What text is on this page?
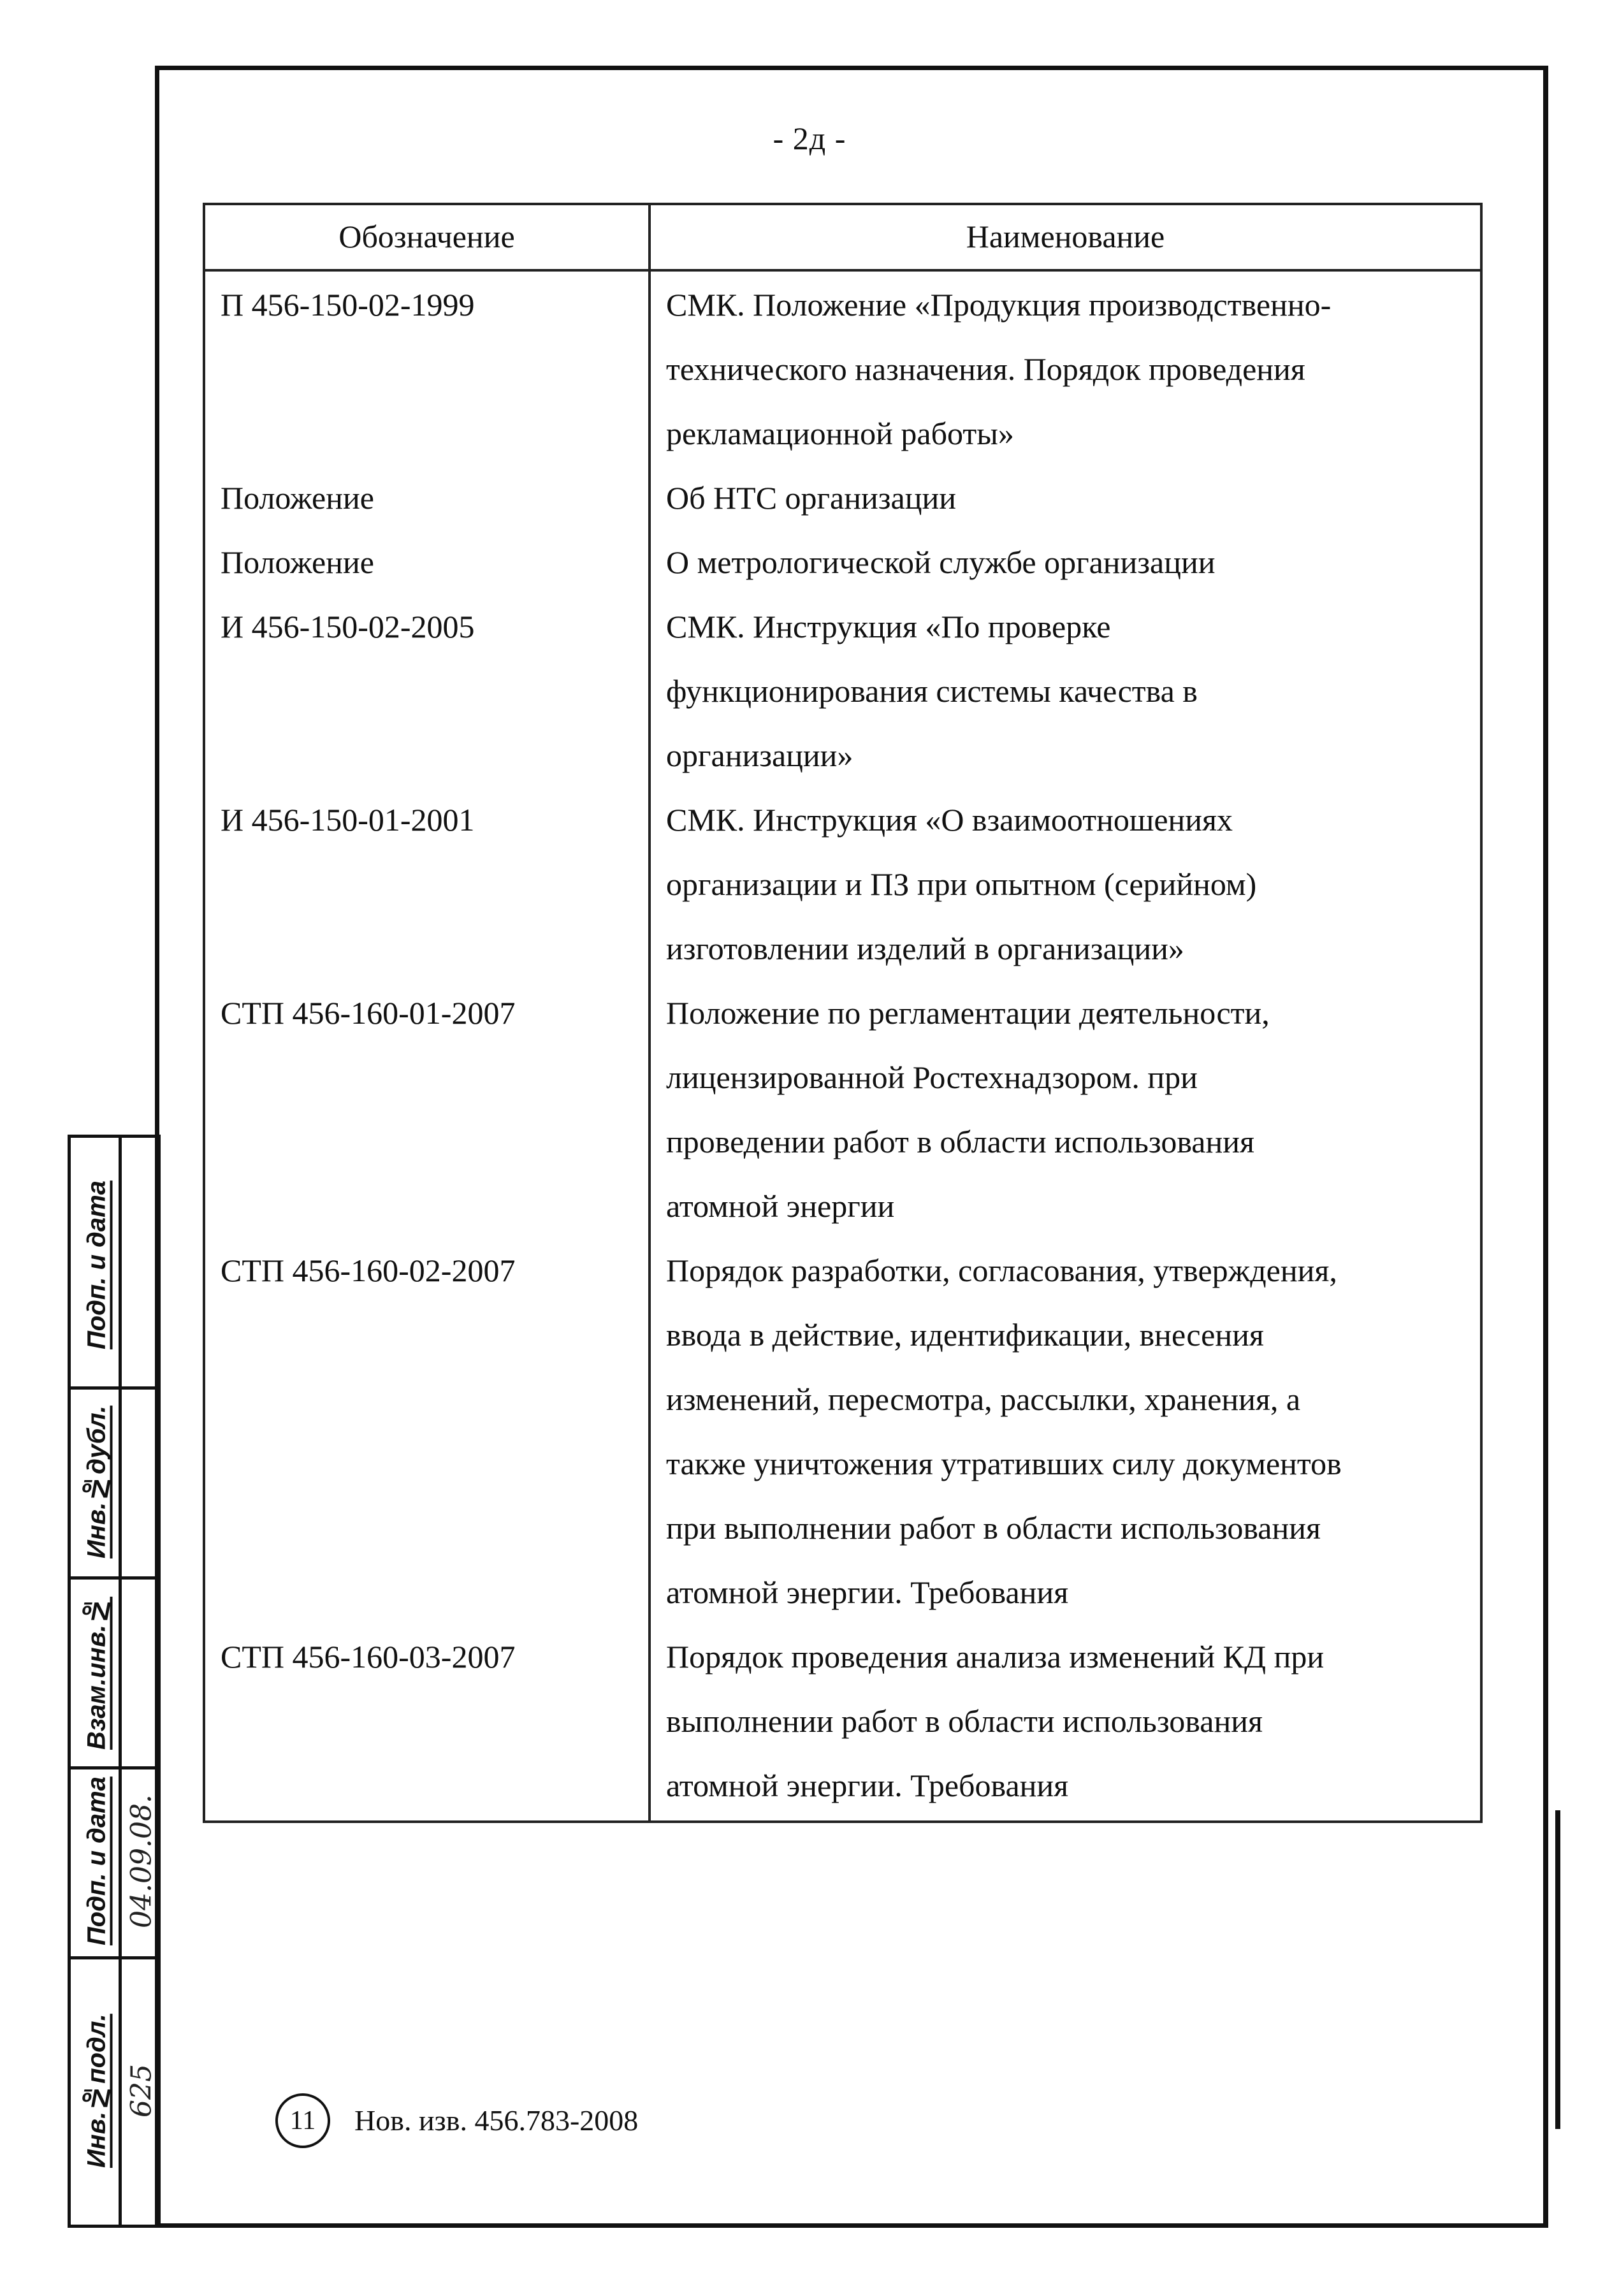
- 2д -
Обозначение	Наименование
П 456-150-02-1999	СМК. Положение «Продукция производственно-
технического назначения. Порядок проведения
рекламационной работы»
Положение	Об НТС организации
Положение	О метрологической службе организации
И 456-150-02-2005	СМК. Инструкция «По проверке
функционирования системы качества в
организации»
И 456-150-01-2001	СМК. Инструкция «О взаимоотношениях
организации и ПЗ при опытном (серийном)
изготовлении изделий в организации»
СТП 456-160-01-2007	Положение по регламентации деятельности,
лицензированной Ростехнадзором. при
проведении работ в области использования
атомной энергии
СТП 456-160-02-2007	Порядок разработки, согласования, утверждения,
ввода в действие, идентификации, внесения
изменений, пересмотра, рассылки, хранения, а
также уничтожения утративших силу документов
при выполнении работ в области использования
атомной энергии. Требования
СТП 456-160-03-2007	Порядок проведения анализа изменений КД при
выполнении работ в области использования
атомной энергии. Требования
Подп. и дата
Инв.№дубл.
Взам.инв.№
Подп. и дата
Инв.№подл.
04.09.08.
625
11	Нов. изв. 456.783-2008
